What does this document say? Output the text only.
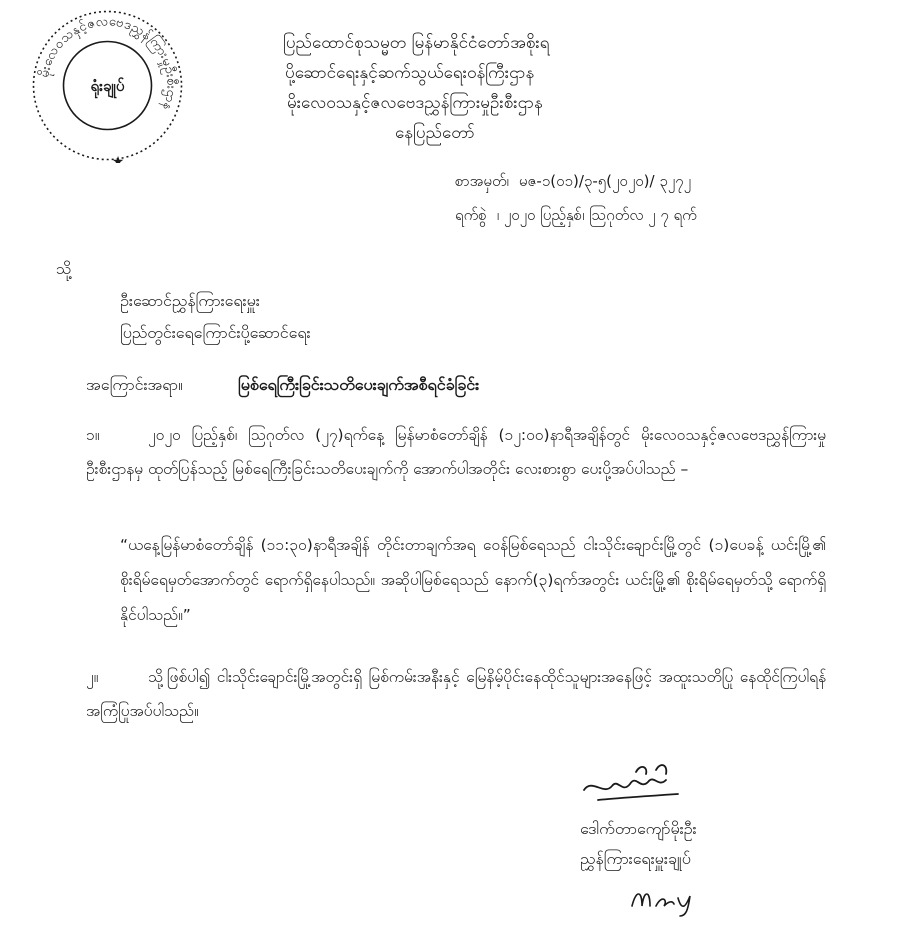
မိုးလေဝသနှင့်ဇလဗေဒညွှန်ကြားမှုဦးစီးဌာန
ရုံးချုပ်
★
ပြည်ထောင်စုသမ္မတ မြန်မာနိုင်ငံတော်အစိုးရ
ပို့ဆောင်ရေးနှင့်ဆက်သွယ်ရေးဝန်ကြီးဌာန
မိုးလေဝသနှင့်ဇလဗေဒညွှန်ကြားမှုဦးစီးဌာန
နေပြည်တော်
စာအမှတ်၊ မဇ-၁(၀၁)/၃-၅(၂၀၂၀)/ ၃၂၇၂
ရက်စွဲ ၊ ၂၀၂၀ ပြည့်နှစ်၊ ဩဂုတ်လ ၂ ၇ ရက်
သို့
ဦးဆောင်ညွှန်ကြားရေးမှူး
ပြည်တွင်းရေကြောင်းပို့ဆောင်ရေး
အကြောင်းအရာ။	မြစ်ရေကြီးခြင်းသတိပေးချက်အစီရင်ခံခြင်း
၁။	၂၀၂၀ ပြည့်နှစ်၊ ဩဂုတ်လ (၂၇)ရက်နေ့ မြန်မာစံတော်ချိန် (၁၂:၀၀)နာရီအချိန်တွင် မိုးလေဝသနှင့်ဇလဗေဒညွှန်ကြားမှုဦးစီးဌာနမှ ထုတ်ပြန်သည့် မြစ်ရေကြီးခြင်းသတိပေးချက်ကို အောက်ပါအတိုင်း လေးစားစွာ ပေးပို့အပ်ပါသည် –
“ယနေ့မြန်မာစံတော်ချိန် (၁၁:၃၀)နာရီအချိန် တိုင်းတာချက်အရ ဝေန်မြစ်ရေသည် ငါးသိုင်းချောင်းမြို့တွင် (၁)ပေခန့် ယင်းမြို့၏ စိုးရိမ်ရေမှတ်အောက်တွင် ရောက်ရှိနေပါသည်။ အဆိုပါမြစ်ရေသည် နောက်(၃)ရက်အတွင်း ယင်းမြို့၏ စိုးရိမ်ရေမှတ်သို့ ရောက်ရှိနိုင်ပါသည်။”
၂။	သို့ဖြစ်ပါ၍ ငါးသိုင်းချောင်းမြို့အတွင်းရှိ မြစ်ကမ်းအနီးနှင့် မြေနိမ့်ပိုင်းနေထိုင်သူများအနေဖြင့် အထူးသတိပြု နေထိုင်ကြပါရန် အကြံပြုအပ်ပါသည်။
ဒေါက်တာကျော်မိုးဦး
ညွှန်ကြားရေးမှူးချုပ်
